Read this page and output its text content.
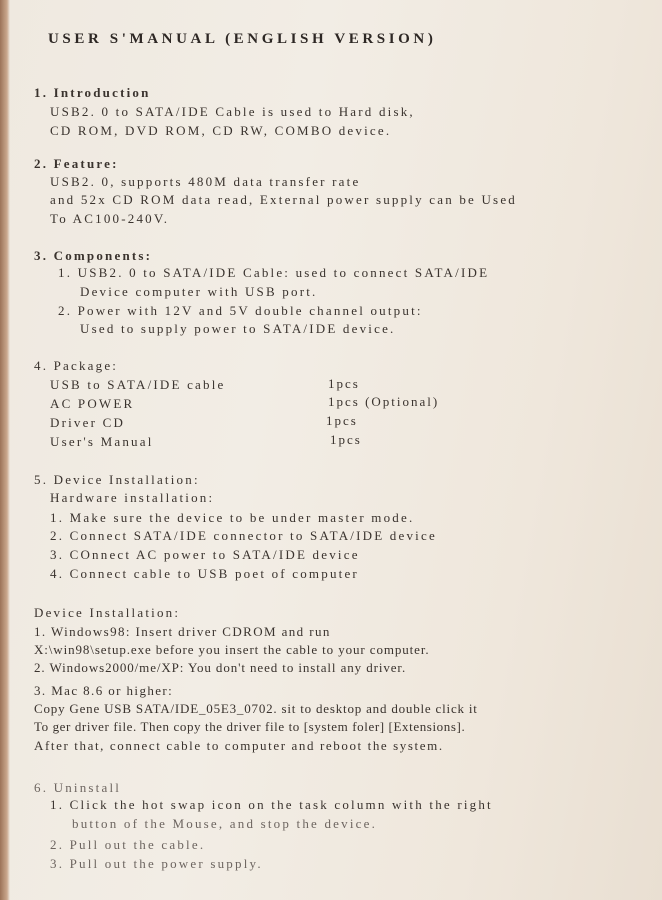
USER S'MANUAL (ENGLISH VERSION)
1. Introduction
USB2. 0 to SATA/IDE Cable is used to Hard disk,
CD ROM, DVD ROM, CD RW, COMBO device.
2. Feature:
USB2. 0, supports 480M data transfer rate
and 52x CD ROM data read, External power supply can be Used
To AC100-240V.
3. Components:
1. USB2. 0 to SATA/IDE Cable: used to connect SATA/IDE
Device computer with USB port.
2. Power with 12V and 5V double channel output:
Used to supply power to SATA/IDE device.
4. Package:
USB to SATA/IDE cable	1pcs
AC POWER	1pcs (Optional)
Driver CD	1pcs
User's Manual	1pcs
5. Device Installation:
Hardware installation:
1. Make sure the device to be under master mode.
2. Connect SATA/IDE connector to SATA/IDE device
3. COnnect AC power to SATA/IDE device
4. Connect cable to USB poet of computer
Device Installation:
1. Windows98: Insert driver CDROM and run
X:\win98\setup.exe before you insert the cable to your computer.
2. Windows2000/me/XP: You don't need to install any driver.
3. Mac 8.6 or higher:
Copy Gene USB SATA/IDE_05E3_0702. sit to desktop and double click it
To ger driver file. Then copy the driver file to [system foler] [Extensions].
After that, connect cable to computer and reboot the system.
6. Uninstall
1. Click the hot swap icon on the task column with the right
button of the Mouse, and stop the device.
2. Pull out the cable.
3. Pull out the power supply.
